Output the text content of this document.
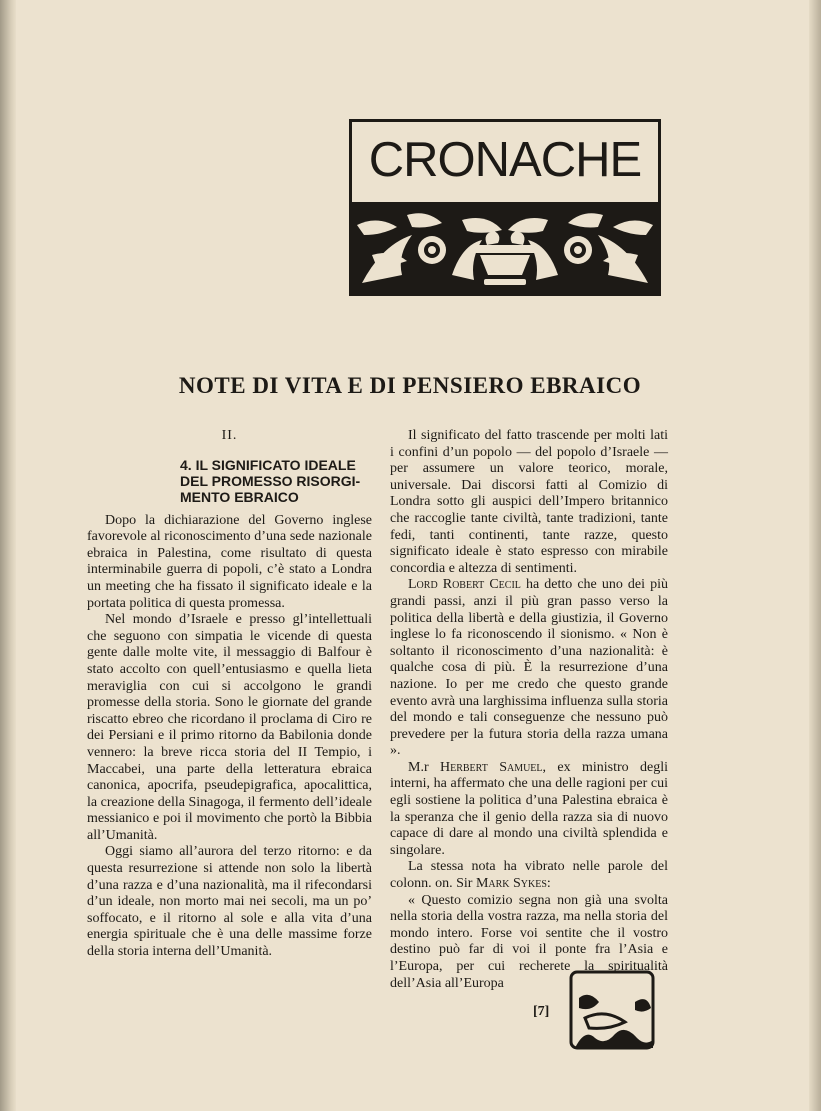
CRONACHE
NOTE DI VITA E DI PENSIERO EBRAICO
II.
4. IL SIGNIFICATO IDEALE
DEL PROMESSO RISORGI-
MENTO EBRAICO

Dopo la dichiarazione del Governo inglese favorevole al riconoscimento d’una sede nazionale ebraica in Palestina, come risultato di questa interminabile guerra di popoli, c’è stato a Londra un meeting che ha fissato il significato ideale e la portata politica di questa promessa.

Nel mondo d’Israele e presso gl’intellettuali che seguono con simpatia le vicende di questa gente dalle molte vite, il messaggio di Balfour è stato accolto con quell’entusiasmo e quella lieta meraviglia con cui si accolgono le grandi promesse della storia. Sono le giornate del grande riscatto ebreo che ricordano il proclama di Ciro re dei Persiani e il primo ritorno da Babilonia donde vennero: la breve ricca storia del II Tempio, i Maccabei, una parte della letteratura ebraica canonica, apocrifa, pseudepigrafica, apocalittica, la creazione della Sinagoga, il fermento dell’ideale messianico e poi il movimento che portò la Bibbia all’Umanità.

Oggi siamo all’aurora del terzo ritorno: e da questa resurrezione si attende non solo la libertà d’una razza e d’una nazionalità, ma il rifecondarsi d’un ideale, non morto mai nei secoli, ma un po’ soffocato, e il ritorno al sole e alla vita d’una energia spirituale che è una delle massime forze della storia interna dell’Umanità.

Il significato del fatto trascende per molti lati i confini d’un popolo — del popolo d’Israele — per assumere un valore teorico, morale, universale. Dai discorsi fatti al Comizio di Londra sotto gli auspici dell’Impero britannico che raccoglie tante civiltà, tante tradizioni, tante fedi, tanti continenti, tante razze, questo significato ideale è stato espresso con mirabile concordia e altezza di sentimenti.

Lord Robert Cecil ha detto che uno dei più grandi passi, anzi il più gran passo verso la politica della libertà e della giustizia, il Governo inglese lo fa riconoscendo il sionismo. « Non è soltanto il riconoscimento d’una nazionalità: è qualche cosa di più. È la resurrezione d’una nazione. Io per me credo che questo grande evento avrà una larghissima influenza sulla storia del mondo e tali conseguenze che nessuno può prevedere per la futura storia della razza umana ».

M.r Herbert Samuel, ex ministro degli interni, ha affermato che una delle ragioni per cui egli sostiene la politica d’una Palestina ebraica è la speranza che il genio della razza sia di nuovo capace di dare al mondo una civiltà splendida e singolare.

La stessa nota ha vibrato nelle parole del colonn. on. Sir Mark Sykes:

« Questo comizio segna non già una svolta nella storia della vostra razza, ma nella storia del mondo intero. Forse voi sentite che il vostro destino può far di voi il ponte fra l’Asia e l’Europa, per cui recherete la spiritualità dell’Asia all’Europa

[7]
